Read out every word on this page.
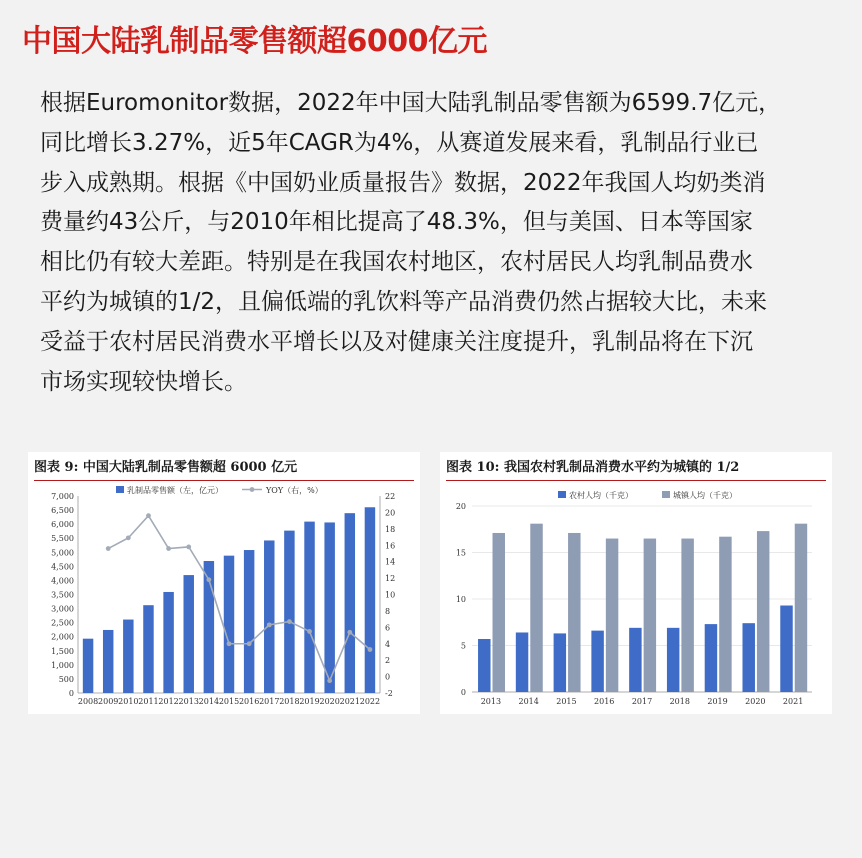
中国大陆乳制品零售额超6000亿元
根据Euromonitor数据，2022年中国大陆乳制品零售额为6599.7亿元，
同比增长3.27%，近5年CAGR为4%，从赛道发展来看，乳制品行业已
步入成熟期。根据《中国奶业质量报告》数据，2022年我国人均奶类消
费量约43公斤，与2010年相比提高了48.3%，但与美国、日本等国家
相比仍有较大差距。特别是在我国农村地区，农村居民人均乳制品费水
平约为城镇的1/2，且偏低端的乳饮料等产品消费仍然占据较大比，未来
受益于农村居民消费水平增长以及对健康关注度提升，乳制品将在下沉
市场实现较快增长。
图表 9: 中国大陆乳制品零售额超 6000 亿元
0
500
1,000
1,500
2,000
2,500
3,000
3,500
4,000
4,500
5,000
5,500
6,000
6,500
7,000
-2
0
2
4
6
8
10
12
14
16
18
20
22
2008 2009 2010 2011 2012 2013 2014 2015 2016 2017 2018 2019 2020 2021 2022
乳制品零售额（左，亿元）	YOY（右，%）
图表 10: 我国农村乳制品消费水平约为城镇的 1/2
0
5
10
15
20
2013 2014 2015 2016 2017 2018 2019 2020 2021
农村人均（千克）	城镇人均（千克）
